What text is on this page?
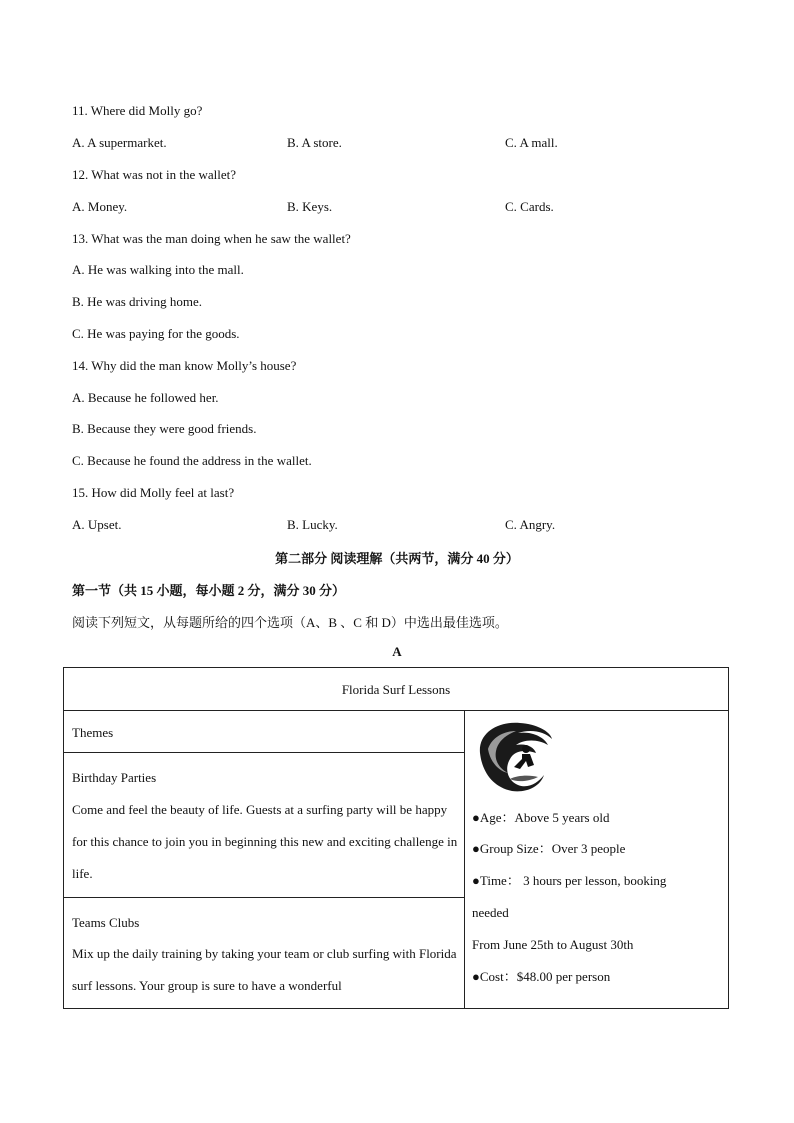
11. Where did Molly go?
A. A supermarket.	B. A store.	C. A mall.
12. What was not in the wallet?
A. Money.	B. Keys.	C. Cards.
13. What was the man doing when he saw the wallet?
A. He was walking into the mall.
B. He was driving home.
C. He was paying for the goods.
14. Why did the man know Molly’s house?
A. Because he followed her.
B. Because they were good friends.
C. Because he found the address in the wallet.
15. How did Molly feel at last?
A. Upset.	B. Lucky.	C. Angry.
第二部分 阅读理解（共两节，满分 40 分）
第一节（共 15 小题，每小题 2 分，满分 30 分）
阅读下列短文，从每题所给的四个选项（A、B 、C 和 D）中选出最佳选项。
A
Florida Surf Lessons
Themes
Birthday Parties
Come and feel the beauty of life. Guests at a surfing party will be happy for this chance to join you in beginning this new and exciting challenge in life.
Teams Clubs
Mix up the daily training by taking your team or club surfing with Florida surf lessons. Your group is sure to have a wonderful
●Age：Above 5 years old
●Group Size：Over 3 people
●Time： 3 hours per lesson, booking
needed
From June 25th to August 30th
●Cost：$48.00 per person
